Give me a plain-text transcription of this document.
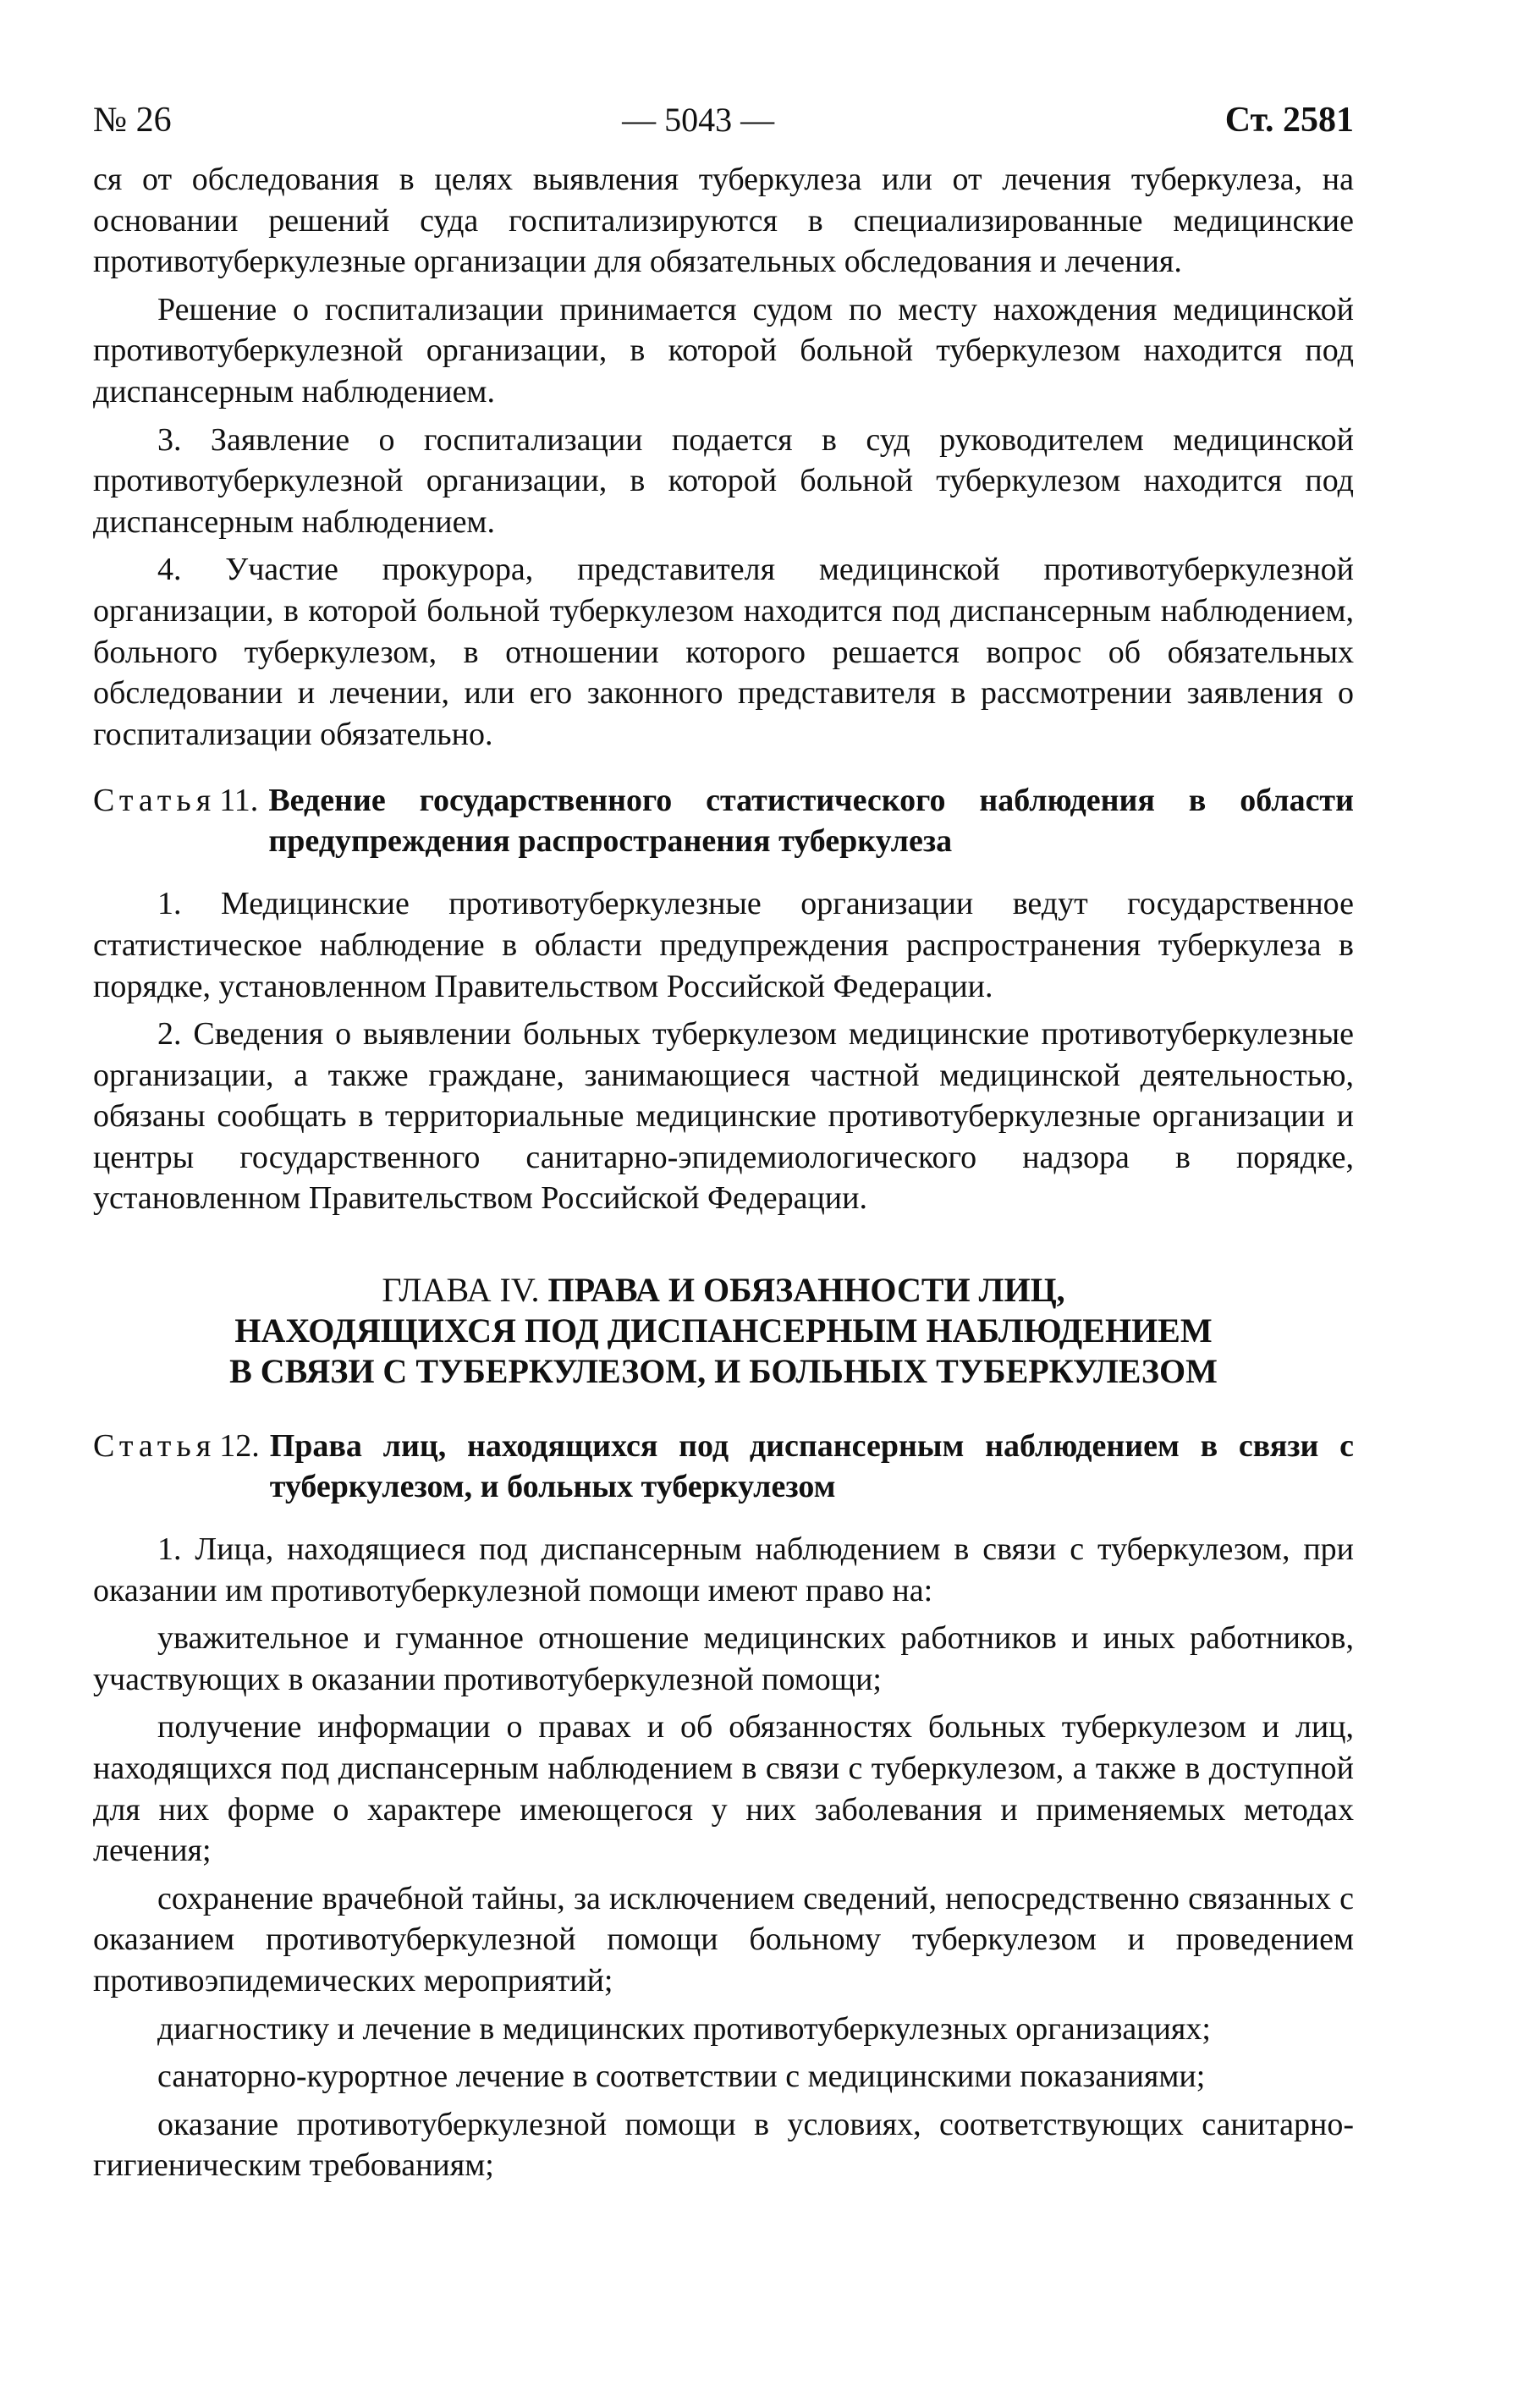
№ 26	— 5043 —	Ст. 2581

ся от обследования в целях выявления туберкулеза или от лечения туберкулеза, на основании решений суда госпитализируются в специализированные медицинские противотуберкулезные организации для обязательных обследования и лечения.

Решение о госпитализации принимается судом по месту нахождения медицинской противотуберкулезной организации, в которой больной туберкулезом находится под диспансерным наблюдением.

3. Заявление о госпитализации подается в суд руководителем медицинской противотуберкулезной организации, в которой больной туберкулезом находится под диспансерным наблюдением.

4. Участие прокурора, представителя медицинской противотуберкулезной организации, в которой больной туберкулезом находится под диспансерным наблюдением, больного туберкулезом, в отношении которого решается вопрос об обязательных обследовании и лечении, или его законного представителя в рассмотрении заявления о госпитализации обязательно.

Статья 11. Ведение государственного статистического наблюдения в области предупреждения распространения туберкулеза

1. Медицинские противотуберкулезные организации ведут государственное статистическое наблюдение в области предупреждения распространения туберкулеза в порядке, установленном Правительством Российской Федерации.

2. Сведения о выявлении больных туберкулезом медицинские противотуберкулезные организации, а также граждане, занимающиеся частной медицинской деятельностью, обязаны сообщать в территориальные медицинские противотуберкулезные организации и центры государственного санитарно-эпидемиологического надзора в порядке, установленном Правительством Российской Федерации.

ГЛАВА IV. ПРАВА И ОБЯЗАННОСТИ ЛИЦ,
НАХОДЯЩИХСЯ ПОД ДИСПАНСЕРНЫМ НАБЛЮДЕНИЕМ
В СВЯЗИ С ТУБЕРКУЛЕЗОМ, И БОЛЬНЫХ ТУБЕРКУЛЕЗОМ
Статья 12. Права лиц, находящихся под диспансерным наблюдением в связи с туберкулезом, и больных туберкулезом

1. Лица, находящиеся под диспансерным наблюдением в связи с туберкулезом, при оказании им противотуберкулезной помощи имеют право на:

уважительное и гуманное отношение медицинских работников и иных работников, участвующих в оказании противотуберкулезной помощи;

получение информации о правах и об обязанностях больных туберкулезом и лиц, находящихся под диспансерным наблюдением в связи с туберкулезом, а также в доступной для них форме о характере имеющегося у них заболевания и применяемых методах лечения;

сохранение врачебной тайны, за исключением сведений, непосредственно связанных с оказанием противотуберкулезной помощи больному туберкулезом и проведением противоэпидемических мероприятий;

диагностику и лечение в медицинских противотуберкулезных организациях;

санаторно-курортное лечение в соответствии с медицинскими показаниями;

оказание противотуберкулезной помощи в условиях, соответствующих санитарно-гигиеническим требованиям;
